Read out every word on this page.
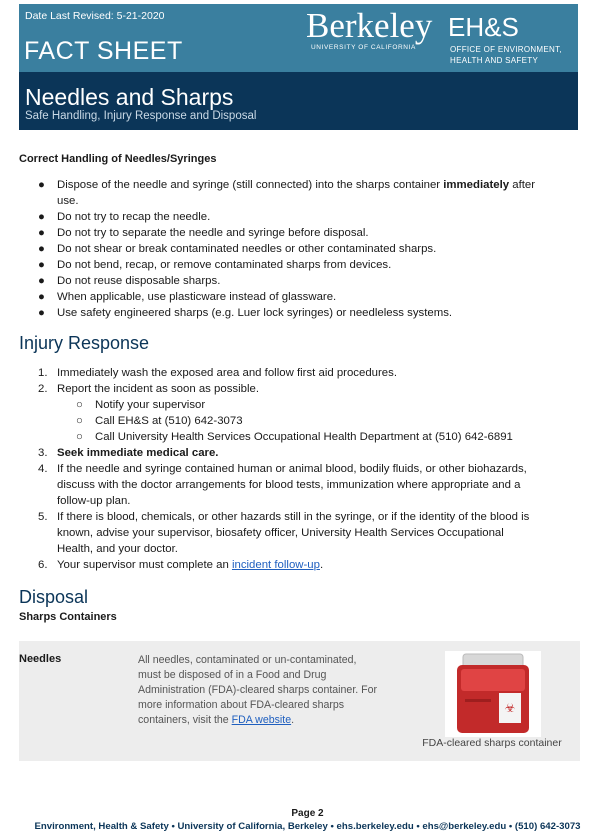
Date Last Revised: 5-21-2020
FACT SHEET
Berkeley
UNIVERSITY OF CALIFORNIA
EH&S
OFFICE OF ENVIRONMENT,
HEALTH AND SAFETY
Needles and Sharps
Safe Handling, Injury Response and Disposal
Correct Handling of Needles/Syringes
● Dispose of the needle and syringe (still connected) into the sharps container immediately after
use.
● Do not try to recap the needle.
● Do not try to separate the needle and syringe before disposal.
● Do not shear or break contaminated needles or other contaminated sharps.
● Do not bend, recap, or remove contaminated sharps from devices.
● Do not reuse disposable sharps.
● When applicable, use plasticware instead of glassware.
● Use safety engineered sharps (e.g. Luer lock syringes) or needleless systems.
Injury Response
1. Immediately wash the exposed area and follow first aid procedures.
2. Report the incident as soon as possible.
○ Notify your supervisor
○ Call EH&S at (510) 642-3073
○ Call University Health Services Occupational Health Department at (510) 642-6891
3. Seek immediate medical care.
4. If the needle and syringe contained human or animal blood, bodily fluids, or other biohazards,
discuss with the doctor arrangements for blood tests, immunization where appropriate and a
follow-up plan.
5. If there is blood, chemicals, or other hazards still in the syringe, or if the identity of the blood is
known, advise your supervisor, biosafety officer, University Health Services Occupational
Health, and your doctor.
6. Your supervisor must complete an incident follow-up.
Disposal
Sharps Containers
Needles	All needles, contaminated or un-contaminated,
must be disposed of in a Food and Drug
Administration (FDA)-cleared sharps container. For
more information about FDA-cleared sharps
containers, visit the FDA website.
☣
FDA-cleared sharps container
Page 2
Environment, Health & Safety • University of California, Berkeley • ehs.berkeley.edu • ehs@berkeley.edu • (510) 642-3073
